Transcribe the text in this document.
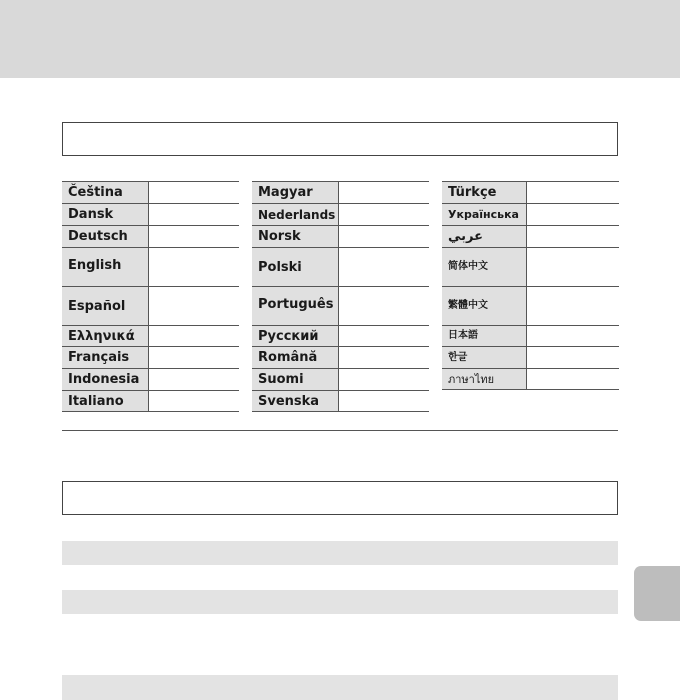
Čeština
Dansk
Deutsch
English
Español
Ελληνικά
Français
Indonesia
Italiano
Magyar
Nederlands
Norsk
Polski
Português
Русский
Română
Suomi
Svenska
Türkçe
Українська
عربي
简体中文
繁體中文
日本語
한글
ภาษาไทย
